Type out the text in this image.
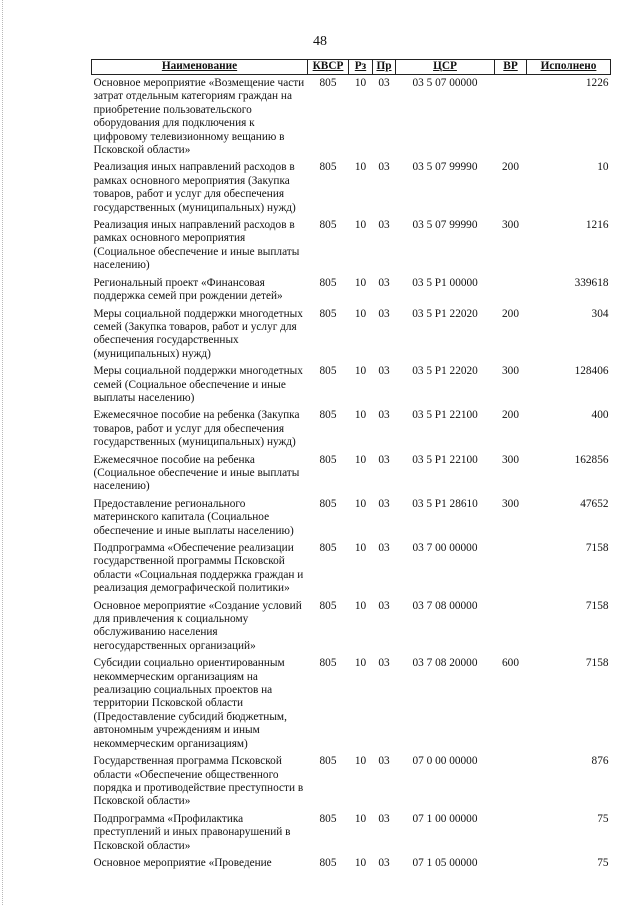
48
Наименование	КВСР	Рз	Пр	ЦСР	ВР	Исполнено
Основное мероприятие «Возмещение части затрат отдельным категориям граждан на приобретение пользовательского оборудования для подключения к цифровому телевизионному вещанию в Псковской области»	805	10	03	03 5 07 00000		1226
Реализация иных направлений расходов в рамках основного мероприятия (Закупка товаров, работ и услуг для обеспечения государственных (муниципальных) нужд)	805	10	03	03 5 07 99990	200	10
Реализация иных направлений расходов в рамках основного мероприятия (Социальное обеспечение и иные выплаты населению)	805	10	03	03 5 07 99990	300	1216
Региональный проект «Финансовая поддержка семей при рождении детей»	805	10	03	03 5 P1 00000		339618
Меры социальной поддержки многодетных семей (Закупка товаров, работ и услуг для обеспечения государственных (муниципальных) нужд)	805	10	03	03 5 P1 22020	200	304
Меры социальной поддержки многодетных семей (Социальное обеспечение и иные выплаты населению)	805	10	03	03 5 P1 22020	300	128406
Ежемесячное пособие на ребенка (Закупка товаров, работ и услуг для обеспечения государственных (муниципальных) нужд)	805	10	03	03 5 P1 22100	200	400
Ежемесячное пособие на ребенка (Социальное обеспечение и иные выплаты населению)	805	10	03	03 5 P1 22100	300	162856
Предоставление регионального материнского капитала (Социальное обеспечение и иные выплаты населению)	805	10	03	03 5 P1 28610	300	47652
Подпрограмма «Обеспечение реализации государственной программы Псковской области «Социальная поддержка граждан и реализация демографической политики»	805	10	03	03 7 00 00000		7158
Основное мероприятие «Создание условий для привлечения к социальному обслуживанию населения негосударственных организаций»	805	10	03	03 7 08 00000		7158
Субсидии социально ориентированным некоммерческим организациям на реализацию социальных проектов на территории Псковской области (Предоставление субсидий бюджетным, автономным учреждениям и иным некоммерческим организациям)	805	10	03	03 7 08 20000	600	7158
Государственная программа Псковской области «Обеспечение общественного порядка и противодействие преступности в Псковской области»	805	10	03	07 0 00 00000		876
Подпрограмма «Профилактика преступлений и иных правонарушений в Псковской области»	805	10	03	07 1 00 00000		75
Основное мероприятие «Проведение	805	10	03	07 1 05 00000		75
